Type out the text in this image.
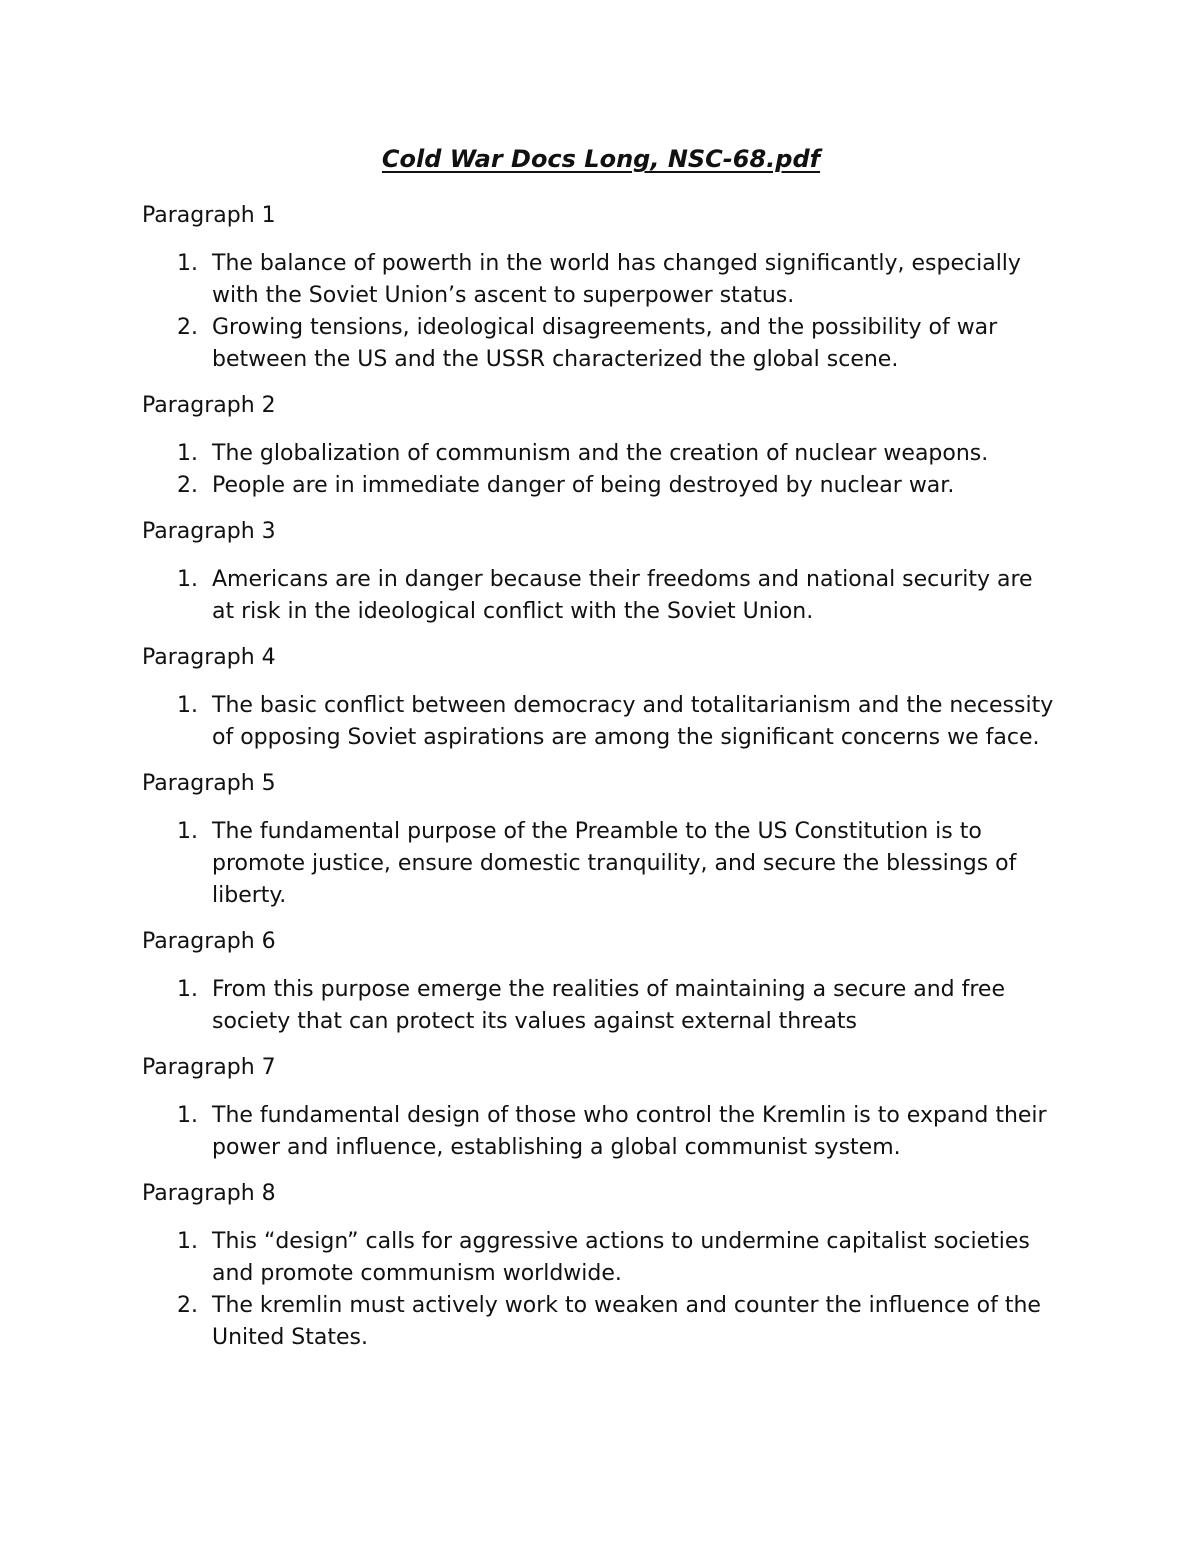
Cold War Docs Long, NSC-68.pdf
Paragraph 1
1. The balance of powerth in the world has changed significantly, especially with the Soviet Union’s ascent to superpower status.
2. Growing tensions, ideological disagreements, and the possibility of war between the US and the USSR characterized the global scene.
Paragraph 2
1. The globalization of communism and the creation of nuclear weapons.
2. People are in immediate danger of being destroyed by nuclear war.
Paragraph 3
1. Americans are in danger because their freedoms and national security are at risk in the ideological conflict with the Soviet Union.
Paragraph 4
1. The basic conflict between democracy and totalitarianism and the necessity of opposing Soviet aspirations are among the significant concerns we face.
Paragraph 5
1. The fundamental purpose of the Preamble to the US Constitution is to promote justice, ensure domestic tranquility, and secure the blessings of liberty.
Paragraph 6
1. From this purpose emerge the realities of maintaining a secure and free society that can protect its values against external threats
Paragraph 7
1. The fundamental design of those who control the Kremlin is to expand their power and influence, establishing a global communist system.
Paragraph 8
1. This “design” calls for aggressive actions to undermine capitalist societies and promote communism worldwide.
2. The kremlin must actively work to weaken and counter the influence of the United States.
